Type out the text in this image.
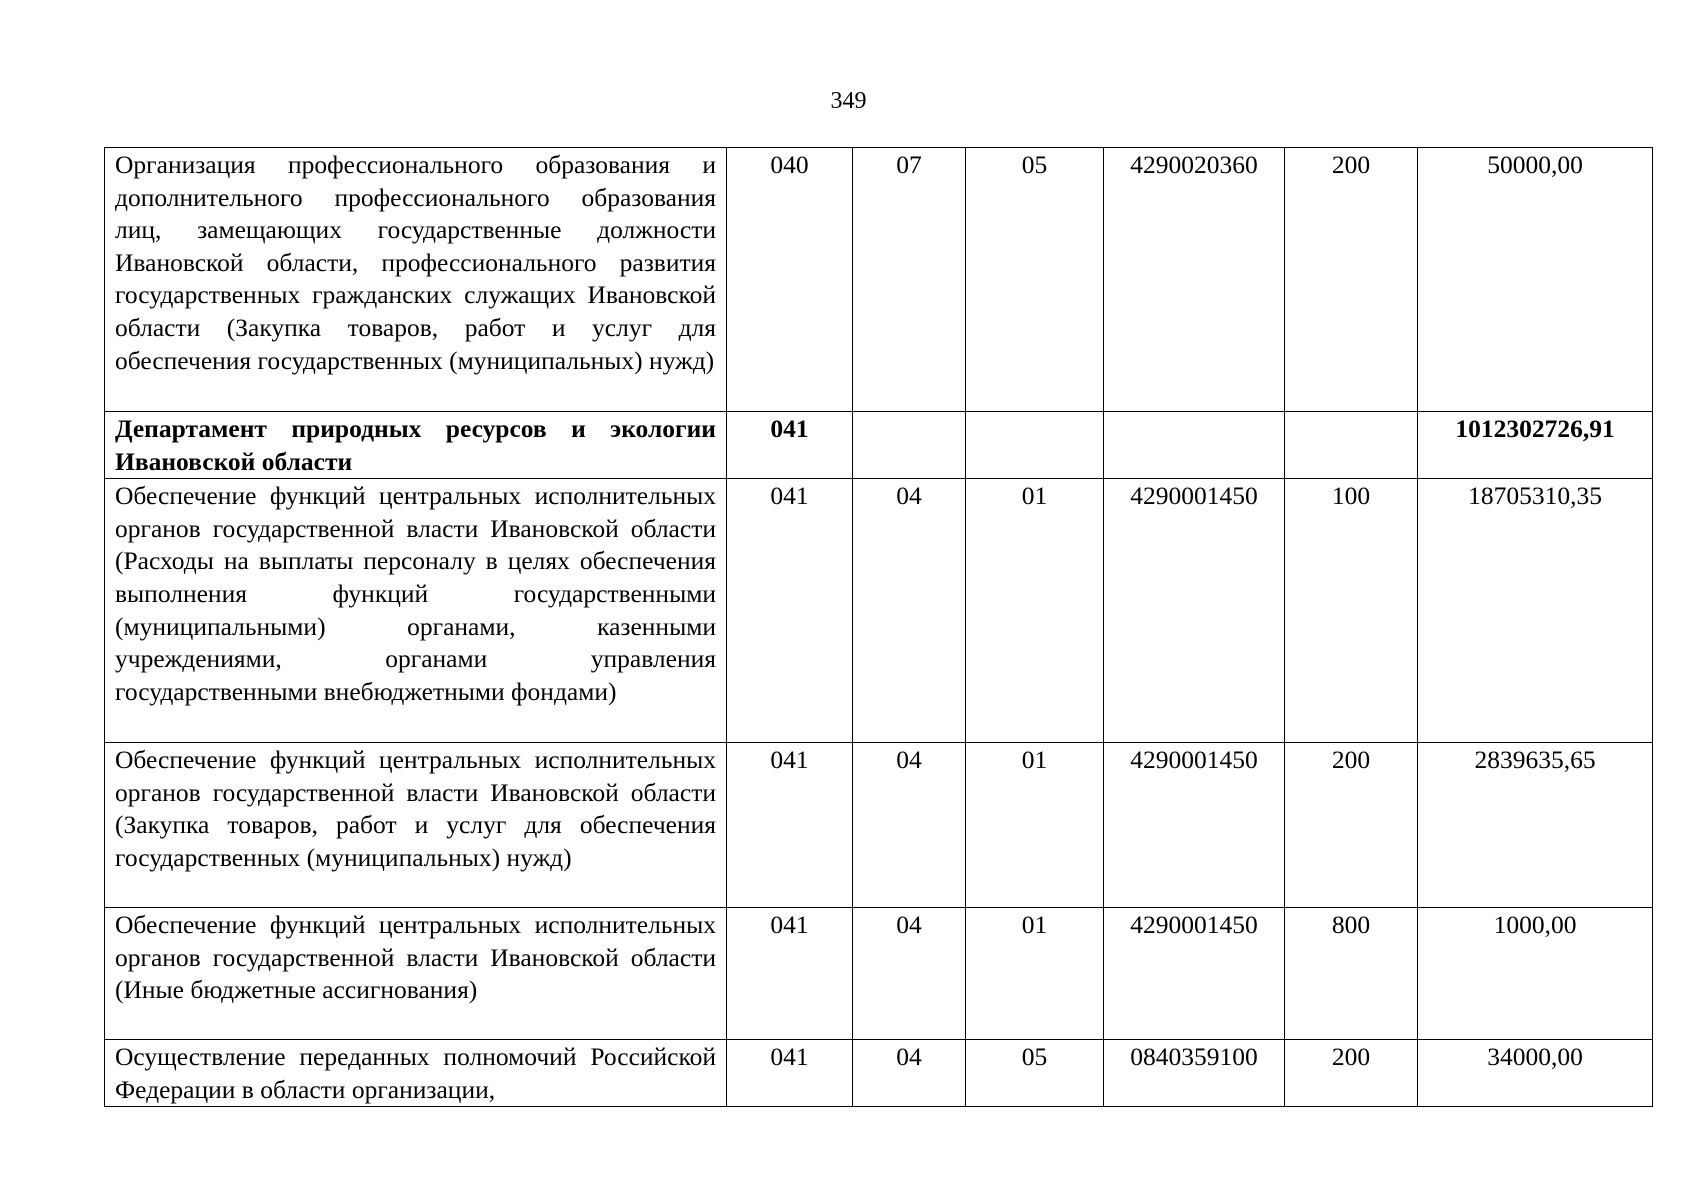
349
Организация профессионального образования и дополнительного профессионального образования лиц, замещающих государственные должности Ивановской области, профессионального развития государственных гражданских служащих Ивановской области (Закупка товаров, работ и услуг для обеспечения государственных (муниципальных) нужд)	040	07	05	4290020360	200	50000,00
Департамент природных ресурсов и экологии Ивановской области	041					1012302726,91
Обеспечение функций центральных исполнительных органов государственной власти Ивановской области (Расходы на выплаты персоналу в целях обеспечения выполнения функций государственными (муниципальными) органами, казенными учреждениями, органами управления государственными внебюджетными фондами)	041	04	01	4290001450	100	18705310,35
Обеспечение функций центральных исполнительных органов государственной власти Ивановской области (Закупка товаров, работ и услуг для обеспечения государственных (муниципальных) нужд)	041	04	01	4290001450	200	2839635,65
Обеспечение функций центральных исполнительных органов государственной власти Ивановской области (Иные бюджетные ассигнования)	041	04	01	4290001450	800	1000,00
Осуществление переданных полномочий Российской Федерации в области организации,	041	04	05	0840359100	200	34000,00
